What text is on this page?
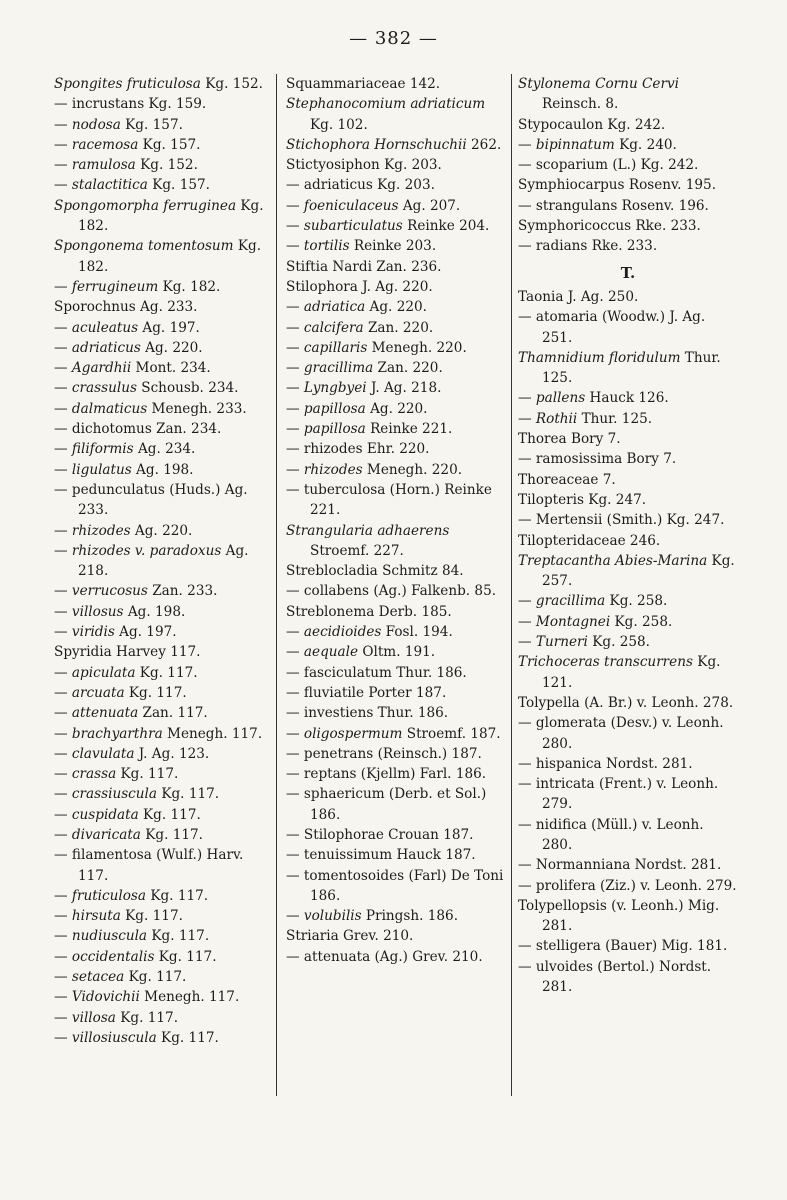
— 382 —

Spongites fruticulosa Kg. 152.

— incrustans Kg. 159.

— nodosa Kg. 157.

— racemosa Kg. 157.

— ramulosa Kg. 152.

— stalactitica Kg. 157.

Spongomorpha ferruginea Kg. 182.

Spongonema tomentosum Kg. 182.

— ferrugineum Kg. 182.

Sporochnus Ag. 233.

— aculeatus Ag. 197.

— adriaticus Ag. 220.

— Agardhii Mont. 234.

— crassulus Schousb. 234.

— dalmaticus Menegh. 233.

— dichotomus Zan. 234.

— filiformis Ag. 234.

— ligulatus Ag. 198.

— pedunculatus (Huds.) Ag. 233.

— rhizodes Ag. 220.

— rhizodes v. paradoxus Ag. 218.

— verrucosus Zan. 233.

— villosus Ag. 198.

— viridis Ag. 197.

Spyridia Harvey 117.

— apiculata Kg. 117.

— arcuata Kg. 117.

— attenuata Zan. 117.

— brachyarthra Menegh. 117.

— clavulata J. Ag. 123.

— crassa Kg. 117.

— crassiuscula Kg. 117.

— cuspidata Kg. 117.

— divaricata Kg. 117.

— filamentosa (Wulf.) Harv. 117.

— fruticulosa Kg. 117.

— hirsuta Kg. 117.

— nudiuscula Kg. 117.

— occidentalis Kg. 117.

— setacea Kg. 117.

— Vidovichii Menegh. 117.

— villosa Kg. 117.

— villosiuscula Kg. 117.

Squammariaceae 142.

Stephanocomium adriaticum Kg. 102.

Stichophora Hornschuchii 262.

Stictyosiphon Kg. 203.

— adriaticus Kg. 203.

— foeniculaceus Ag. 207.

— subarticulatus Reinke 204.

— tortilis Reinke 203.

Stiftia Nardi Zan. 236.

Stilophora J. Ag. 220.

— adriatica Ag. 220.

— calcifera Zan. 220.

— capillaris Menegh. 220.

— gracillima Zan. 220.

— Lyngbyei J. Ag. 218.

— papillosa Ag. 220.

— papillosa Reinke 221.

— rhizodes Ehr. 220.

— rhizodes Menegh. 220.

— tuberculosa (Horn.) Reinke 221.

Strangularia adhaerens Stroemf. 227.

Streblocladia Schmitz 84.

— collabens (Ag.) Falkenb. 85.

Streblonema Derb. 185.

— aecidioides Fosl. 194.

— aequale Oltm. 191.

— fasciculatum Thur. 186.

— fluviatile Porter 187.

— investiens Thur. 186.

— oligospermum Stroemf. 187.

— penetrans (Reinsch.) 187.

— reptans (Kjellm) Farl. 186.

— sphaericum (Derb. et Sol.) 186.

— Stilophorae Crouan 187.

— tenuissimum Hauck 187.

— tomentosoides (Farl) De Toni 186.

— volubilis Pringsh. 186.

Striaria Grev. 210.

— attenuata (Ag.) Grev. 210.

Stylonema Cornu Cervi Reinsch. 8.

Stypocaulon Kg. 242.

— bipinnatum Kg. 240.

— scoparium (L.) Kg. 242.

Symphiocarpus Rosenv. 195.

— strangulans Rosenv. 196.

Symphoricoccus Rke. 233.

— radians Rke. 233.

T.

Taonia J. Ag. 250.

— atomaria (Woodw.) J. Ag. 251.

Thamnidium floridulum Thur. 125.

— pallens Hauck 126.

— Rothii Thur. 125.

Thorea Bory 7.

— ramosissima Bory 7.

Thoreaceae 7.

Tilopteris Kg. 247.

— Mertensii (Smith.) Kg. 247.

Tilopteridaceae 246.

Treptacantha Abies-Marina Kg. 257.

— gracillima Kg. 258.

— Montagnei Kg. 258.

— Turneri Kg. 258.

Trichoceras transcurrens Kg. 121.

Tolypella (A. Br.) v. Leonh. 278.

— glomerata (Desv.) v. Leonh. 280.

— hispanica Nordst. 281.

— intricata (Frent.) v. Leonh. 279.

— nidifica (Müll.) v. Leonh. 280.

— Normanniana Nordst. 281.

— prolifera (Ziz.) v. Leonh. 279.

Tolypellopsis (v. Leonh.) Mig. 281.

— stelligera (Bauer) Mig. 181.

— ulvoides (Bertol.) Nordst. 281.
